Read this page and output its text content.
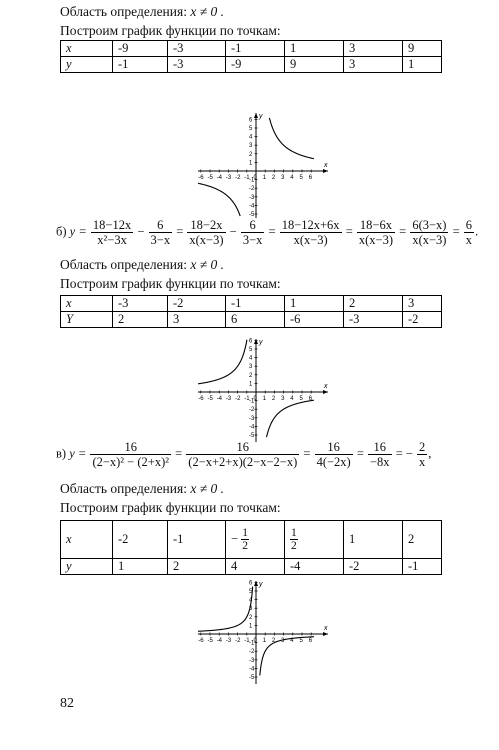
Область определения: x ≠ 0 .
Построим график функции по точкам:
x	-9	-3	-1	1	3	9
y	-1	-3	-9	9	3	1
x
y
-6 -5 -4 -3 -2 -1 0 1 2 3 4 5 6
6
5
4
3
2
1
-1
-2
-3
-4
-5
б) $y = \frac{18-12x}{\text{x²−3x}} - \frac{6}{3-x} = \frac{18-2x}{x(x-3)} - \frac{6}{3-x} = \frac{18-12x+6x}{x(x-3)} = \frac{18-6x}{x(x-3)} = \frac{6(3-x)}{x(x-3)} = \frac{6}{x}$ .
Область определения: x ≠ 0 .
Построим график функции по точкам:
x	-3	-2	-1	1	2	3
Y	2	3	6	-6	-3	-2
x
y
-6 -5 -4 -3 -2 -1 0 1 2 3 4 5 6
6
5
4
3
2
1
-1
-2
-3
-4
-5
в) $y = \frac{16}{\text{(2−x)² − (2+x)²}} = \frac{16}{(2-x+2+x)(2-x-2-x)} = \frac{16}{4(-2x)} = \frac{16}{-8x}$ = − $\frac{2}{x}$ ,
Область определения: x ≠ 0 .
Построим график функции по точкам:
x	-2	-1	− $\frac{1}{2}$	$\frac{1}{2}$	1	2
y	1	2	4	-4	-2	-1
x
y
-6 -5 -4 -3 -2 -1 0 1 2 3 4 5 6
6
5
4
3
2
1
-1
-2
-3
-4
-5
82
